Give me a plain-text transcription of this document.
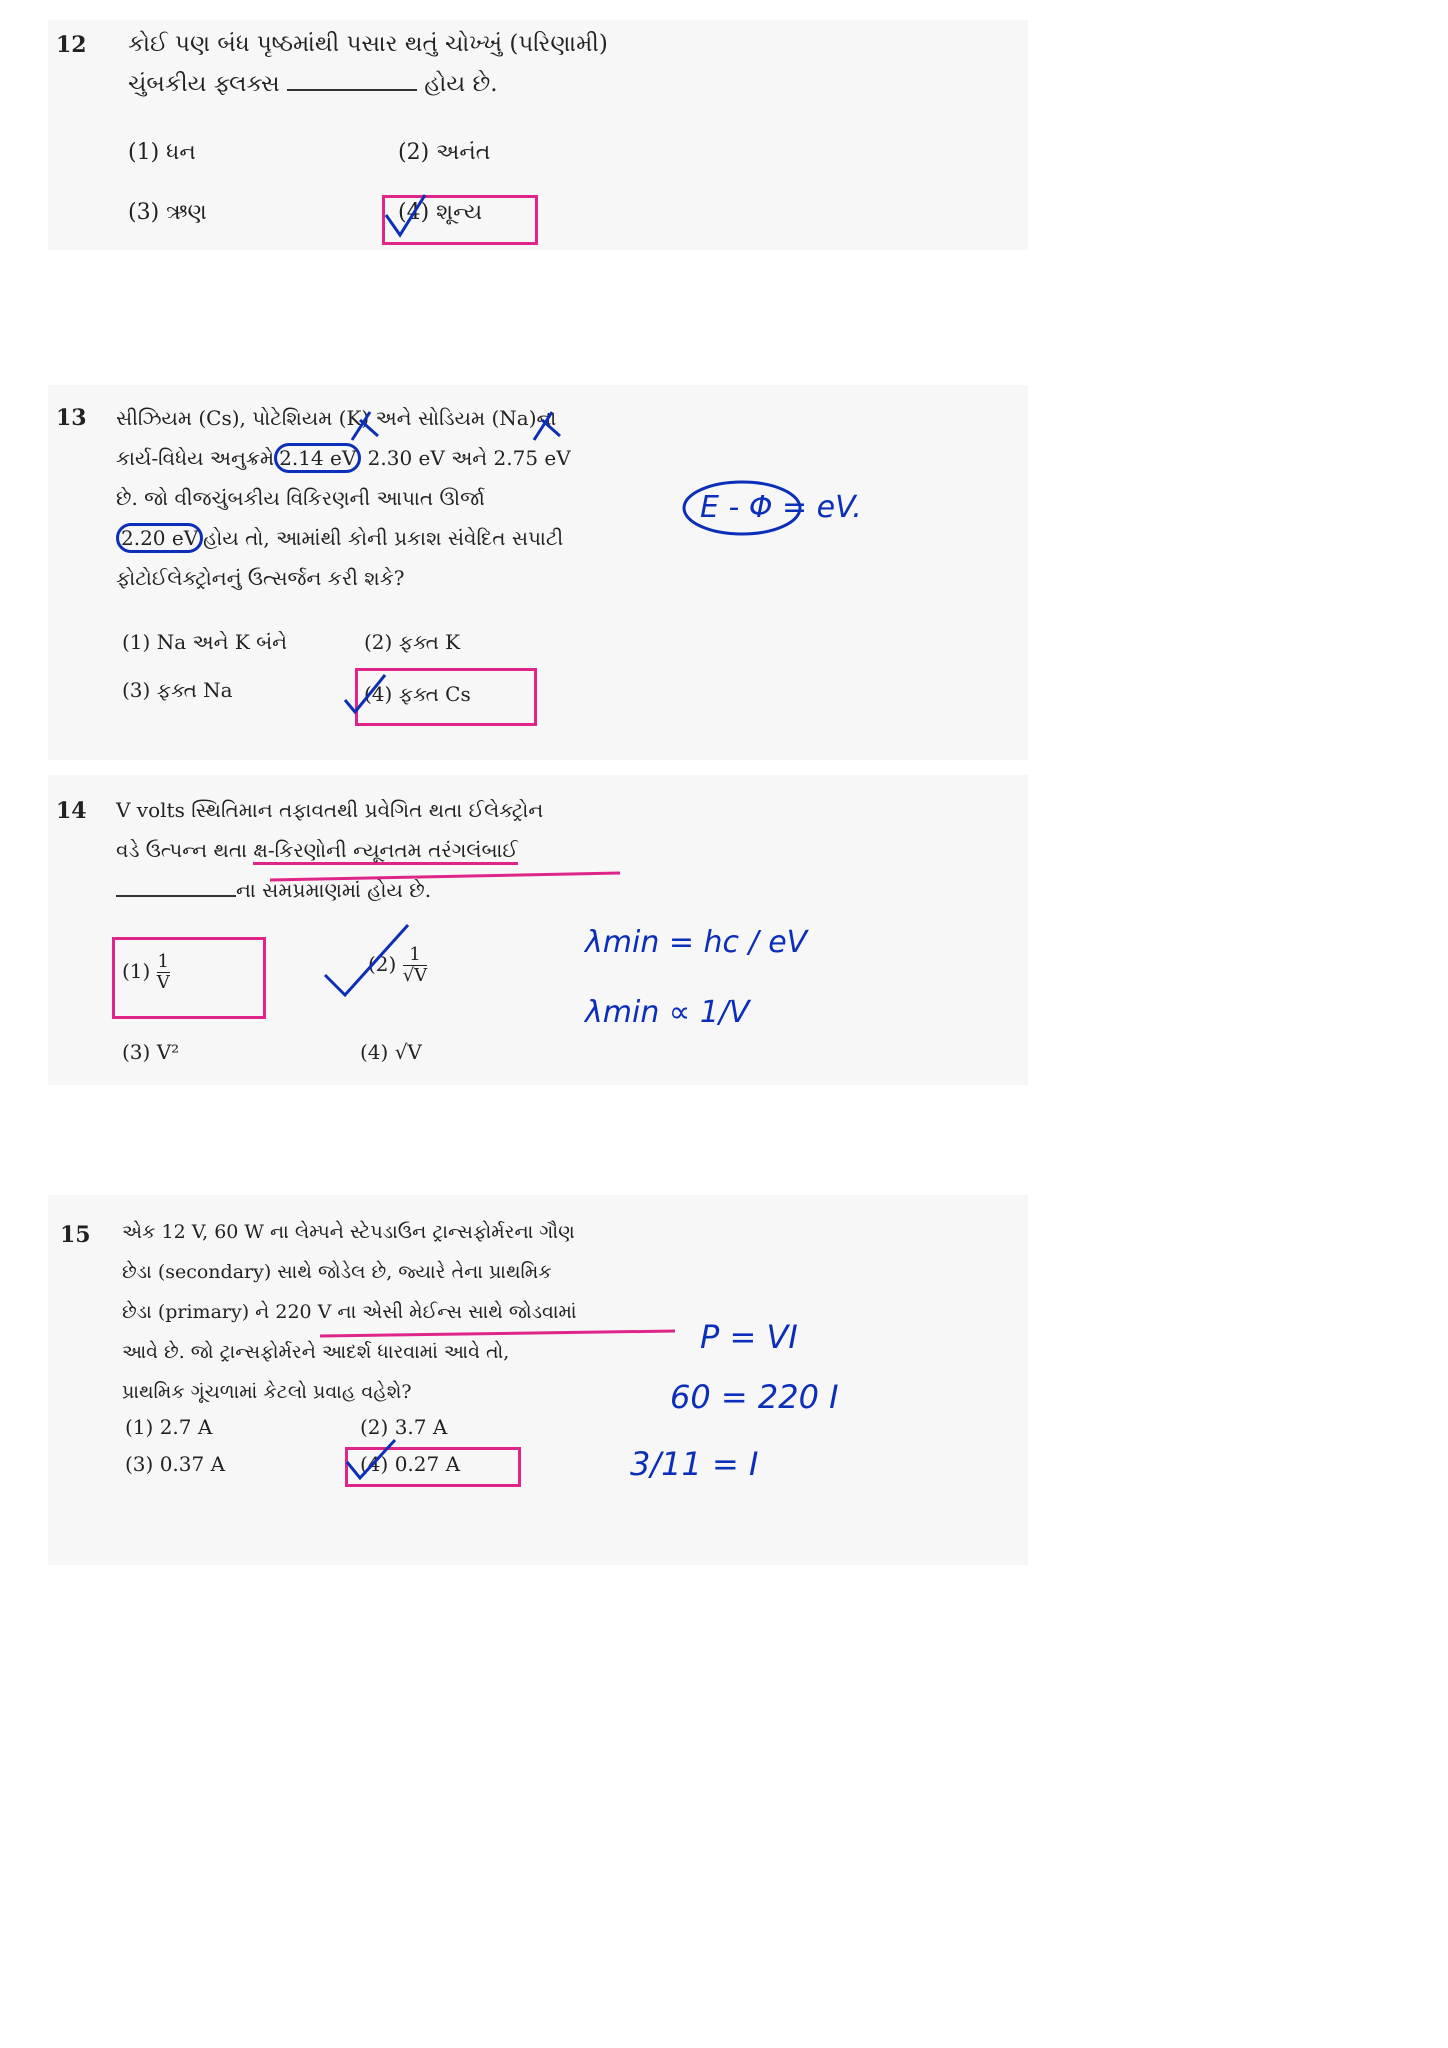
12 કોઈ પણ બંધ પૃષ્ઠમાંથી પસાર થતું ચોખ્ખું (પરિણામી)
ચુંબકીય ફ્લક્સ	હોય છે.
(1) ધન	(2) અનંત
(3) ઋણ	(4) શૂન્ય
13 સીઝિયમ (Cs), પોટેશિયમ (K) અને સોડિયમ (Na)ના
કાર્ય-વિધેય અનુક્રમે 2.14 eV 2.30 eV અને 2.75 eV
છે. જો વીજચુંબકીય વિકિરણની આપાત ઊર્જા
2.20 eV હોય તો, આમાંથી કોની પ્રકાશ સંવેદિત સપાટી
ફોટોઈલેક્ટ્રોનનું ઉત્સર્જન કરી શકે?
E - Φ = eV.
(1) Na અને K બંને	(2) ફક્ત K
(3) ફક્ત Na	(4) ફક્ત Cs
14 V volts સ્થિતિમાન તફાવતથી પ્રવેગિત થતા ઈલેક્ટ્રોન
વડે ઉત્પન્ન થતા ક્ષ-કિરણોની ન્યૂનતમ તરંગલંબાઈ
ના સમપ્રમાણમાં હોય છે.
$(1) \frac{1}{V}$	$(2) \frac{1}{√V}$
(3) V²	(4) √V
λmin = hc / eV
λmin ∝ 1/V
15 એક 12 V, 60 W ના લેમ્પને સ્ટેપડાઉન ટ્રાન્સફોર્મરના ગૌણ
છેડા (secondary) સાથે જોડેલ છે, જ્યારે તેના પ્રાથમિક
છેડા (primary) ને 220 V ના એસી મેઈન્સ સાથે જોડવામાં
આવે છે. જો ટ્રાન્સફોર્મરને આદર્શ ધારવામાં આવે તો,
પ્રાથમિક ગૂંચળામાં કેટલો પ્રવાહ વહેશે?
(1) 2.7 A	(2) 3.7 A
(3) 0.37 A	(4) 0.27 A
P = VI
60 = 220 I
3/11 = I
